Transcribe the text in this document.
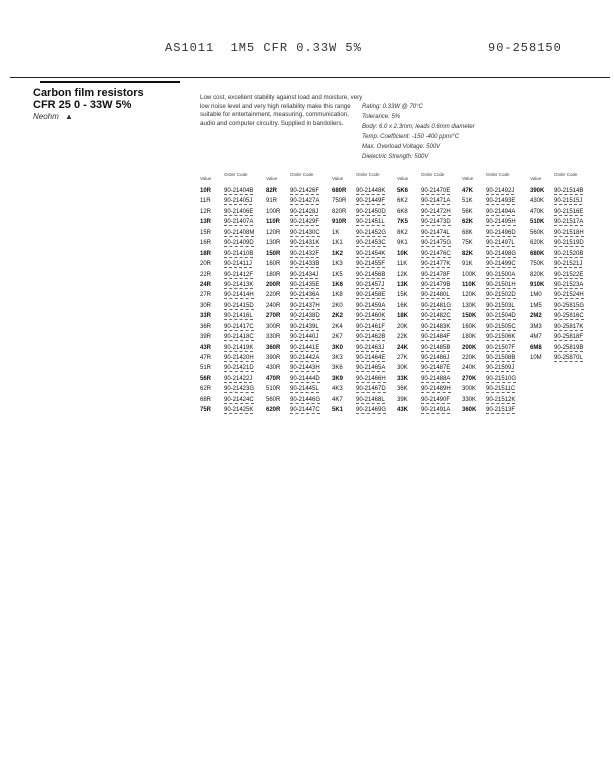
AS1011  1M5 CFR 0.33W 5%	90-258150
Carbon film resistors
CFR 25 0 - 33W 5%
Neohm ▲
Low cost, excellent stability against load and moisture, very low noise level and very high reliability make this range suitable for entertainment, measuring, communication, audio and computer circuitry. Supplied in bandoliers.
Rating: 0.33W @ 70°C
Tolerance: 5%
Body: 6.0 x 2.3mm; leads 0.6mm diameter
Temp. Coefficient: -150 -400 ppm/°C
Max. Overload Voltage: 500V
Dielectric Strength: 500V
Value
Order Code
10R 90-21404B
11R 90-21405J
12R 90-21406E
13R 90-21407A
15R 90-21408M
16R 90-21409D
18R 90-21410B
20R 90-21411J
22R 90-21412F
24R 90-21413K
27R 90-21414H
30R 90-21415D
33R 90-21416L
36R 90-21417C
39R 90-21418C
43R 90-21419K
47R 90-21420H
51R 90-21421D
56R 90-21422J
62R 90-21423G
68R 90-21424C
75R 90-21425K
Value
Order Code
82R 90-21426F
91R 90-21427A
100R 90-21428J
110R 90-21429F
120R 90-21430C
130R 90-21431K
150R 90-21432F
160R 90-21433B
180R 90-21434J
200R 90-21435E
220R 90-21436A
240R 90-21437H
270R 90-21438D
300R 90-21439L
330R 90-21440J
360R 90-21441E
390R 90-21442A
430R 90-21443H
470R 90-21444D
510R 90-21445L
560R 90-21446G
620R 90-21447C
Value
Order Code
680R 90-21448K
750R 90-21449F
820R 90-21450D
910R 90-21451L
1K	90-21452G
1K1 90-21453C
1K2 90-21454K
1K3 90-21455F
1K5 90-21456B
1K6 90-21457J
1K8 90-21458E
2K0 90-21459A
2K2 90-21460K
2K4 90-21461F
2K7 90-21462B
3K0 90-21463J
3K3 90-21464E
3K6 90-21465A
3K9 90-21466H
4K3 90-21467D
4K7 90-21468L
5K1 90-21469G
Value
Order Code
5K6 90-21470E
6K2 90-21471A
6K8 90-21472H
7K5 90-21473D
8K2 90-21474L
9K1 90-21475G
10K 90-21476C
11K 90-21477K
12K 90-21478F
13K 90-21479B
15K 90-21480L
16K 90-21481G
18K 90-21482C
20K 90-21483K
22K 90-21484F
24K 90-21485B
27K 90-21486J
30K 90-21487E
33K 90-21488A
36K 90-21489H
39K 90-21490F
43K 90-21491A
Value
Order Code
47K 90-21492J
51K 90-21493E
56K 90-21494A
62K 90-21495H
68K 90-21496D
75K 90-21497L
82K 90-21498G
91K 90-21499C
100K 90-21500A
110K 90-21501H
120K 90-21502D
130K 90-21503L
150K 90-21504D
160K 90-21505C
180K 90-21506K
200K 90-21507F
220K 90-21508B
240K 90-21509J
270K 90-21510G
300K 90-21511C
330K 90-21512K
360K 90-21513F
Value
Order Code
390K 90-21514B
430K 90-21515J
470K 90-21516E
510K 90-21517A
560K 90-21518H
620K 90-21519D
680K 90-21520B
750K 90-21521J
820K 90-21522E
910K 90-21523A
1M0 90-21524H
1M5 90-25815G
2M2 90-25816C
3M3 90-25817K
4M7 90-25818F
6M8 90-25819B
10M 90-25870L
